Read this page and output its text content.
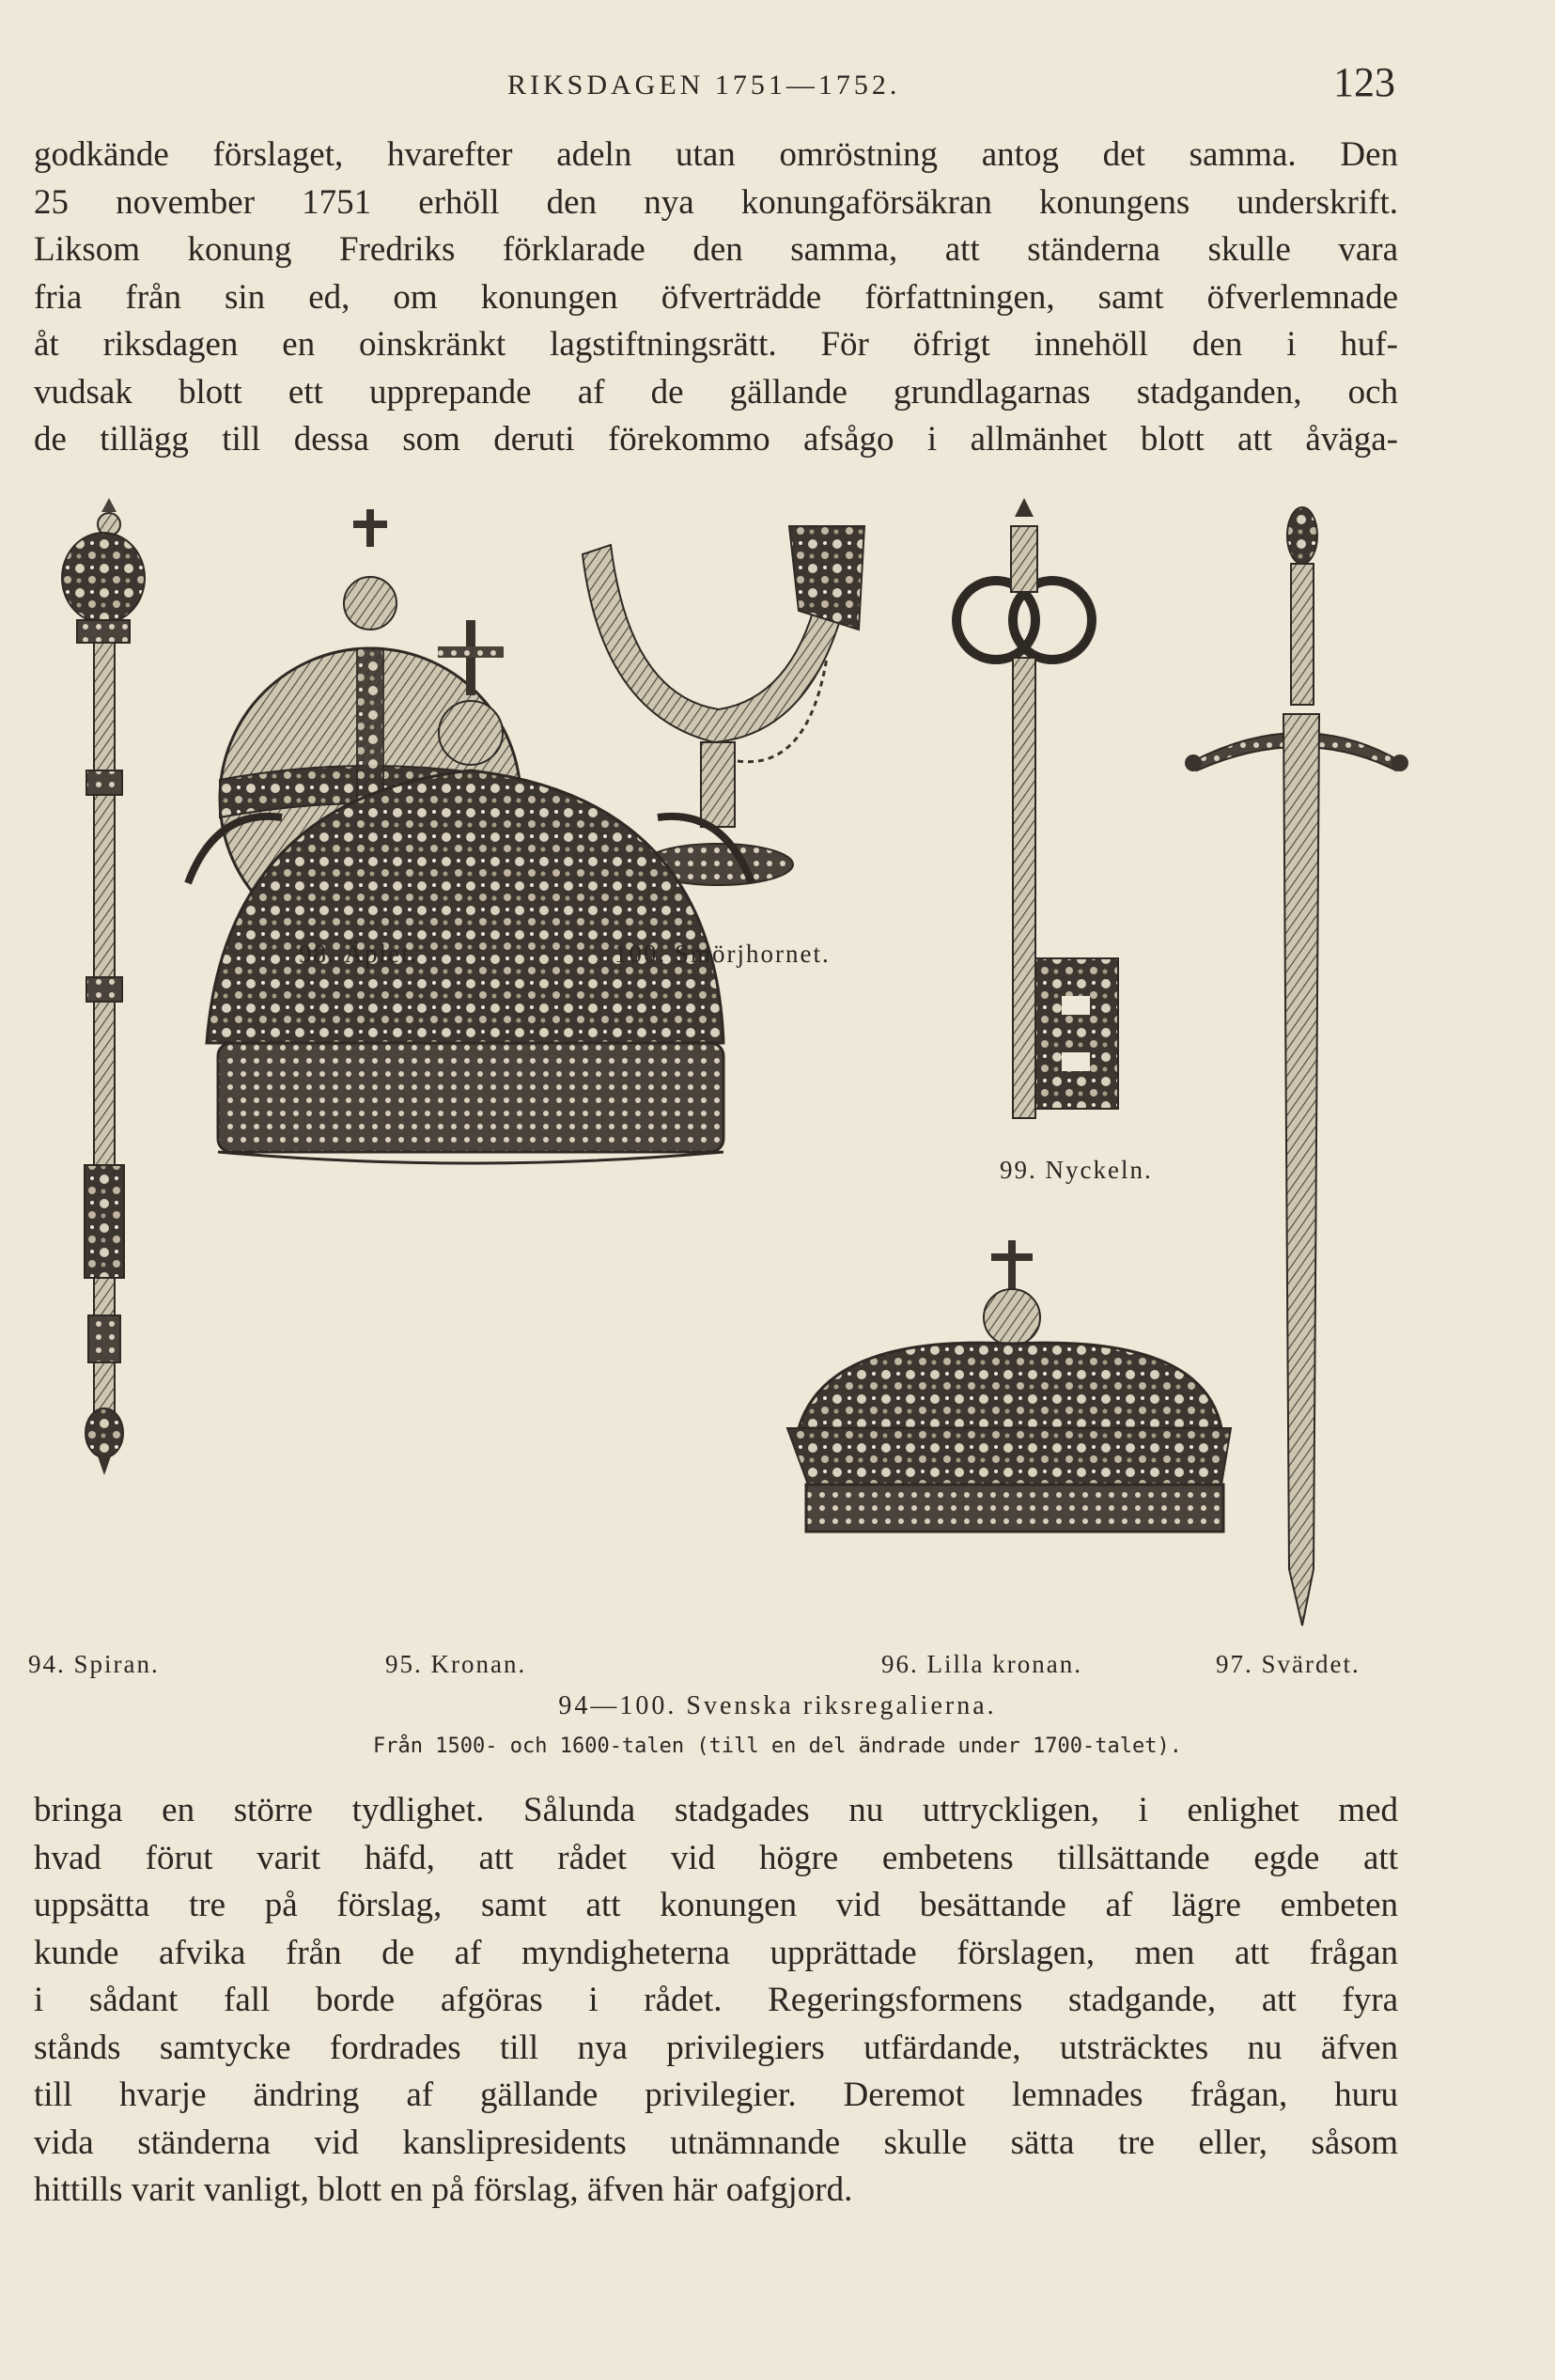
RIKSDAGEN 1751—1752.	123
godkände förslaget, hvarefter adeln utan omröstning antog det samma. Den
25 november 1751 erhöll den nya konungaförsäkran konungens underskrift.
Liksom konung Fredriks förklarade den samma, att ständerna skulle vara
fria från sin ed, om konungen öfverträdde författningen, samt öfverlemnade
åt riksdagen en oinskränkt lagstiftningsrätt. För öfrigt innehöll den i huf-
vudsak blott ett upprepande af de gällande grundlagarnas stadganden, och
de tillägg till dessa som deruti förekommo afsågo i allmänhet blott att åväga-
98. Äplet.	100. Smörjhornet.
99. Nyckeln.
94. Spiran.	95. Kronan.	96. Lilla kronan.	97. Svärdet.
94—100. Svenska riksregalierna.
Från 1500- och 1600-talen (till en del ändrade under 1700-talet).
bringa en större tydlighet. Sålunda stadgades nu uttryckligen, i enlighet med
hvad förut varit häfd, att rådet vid högre embetens tillsättande egde att
uppsätta tre på förslag, samt att konungen vid besättande af lägre embeten
kunde afvika från de af myndigheterna upprättade förslagen, men att frågan
i sådant fall borde afgöras i rådet. Regeringsformens stadgande, att fyra
stånds samtycke fordrades till nya privilegiers utfärdande, utsträcktes nu äfven
till hvarje ändring af gällande privilegier. Deremot lemnades frågan, huru
vida ständerna vid kanslipresidents utnämnande skulle sätta tre eller, såsom
hittills varit vanligt, blott en på förslag, äfven här oafgjord.
